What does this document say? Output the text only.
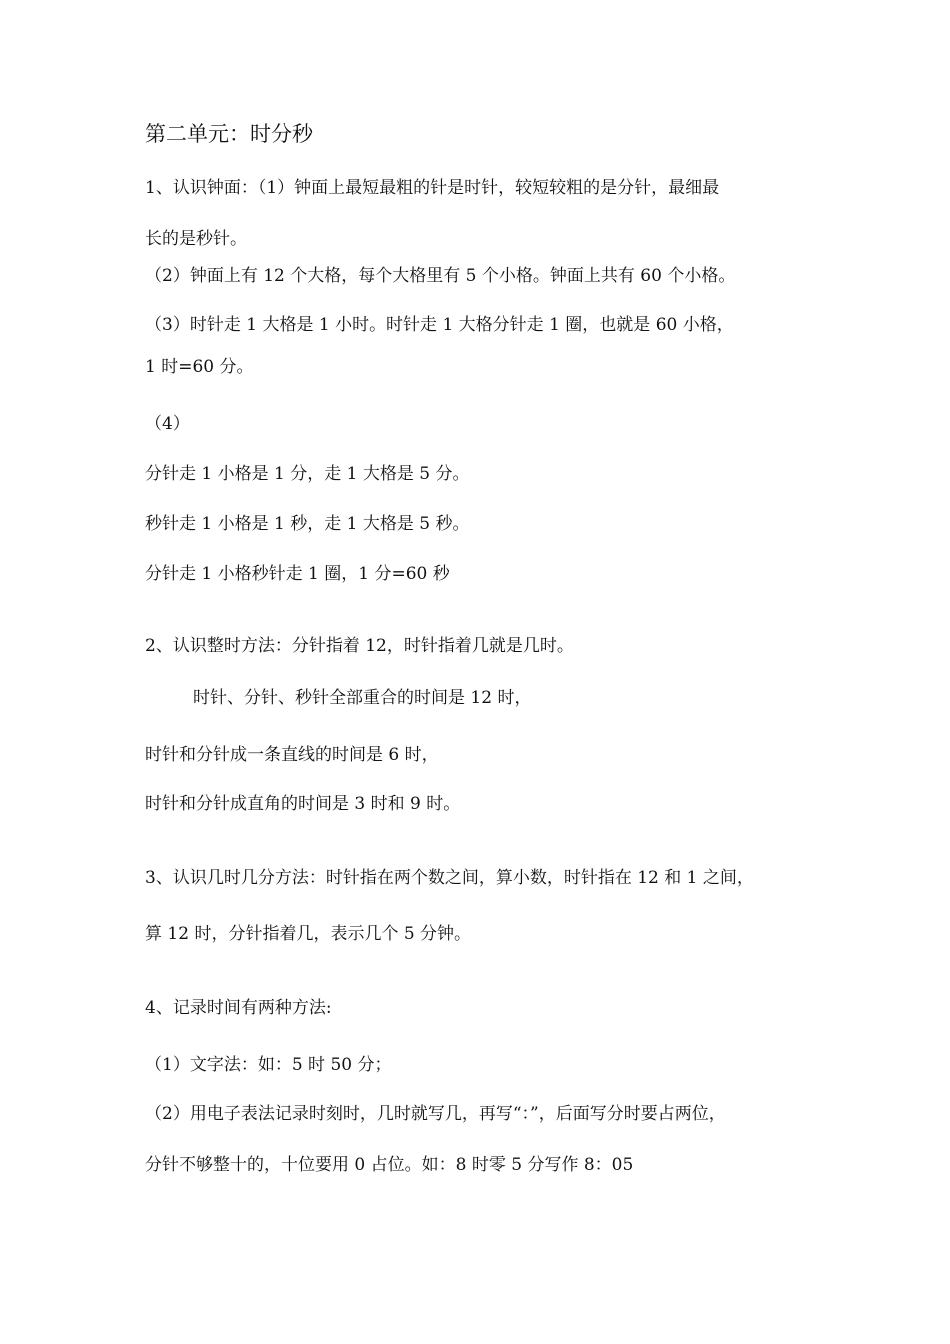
第二单元：时分秒
1、认识钟面：（1）钟面上最短最粗的针是时针，较短较粗的是分针，最细最
长的是秒针。
（2）钟面上有 12 个大格，每个大格里有 5 个小格。钟面上共有 60 个小格。
（3）时针走 1 大格是 1 小时。时针走 1 大格分针走 1 圈，也就是 60 小格，
1 时=60 分。
（4）
分针走 1 小格是 1 分，走 1 大格是 5 分。
秒针走 1 小格是 1 秒，走 1 大格是 5 秒。
分针走 1 小格秒针走 1 圈，1 分=60 秒
2、认识整时方法：分针指着 12，时针指着几就是几时。
时针、分针、秒针全部重合的时间是 12 时，
时针和分针成一条直线的时间是 6 时，
时针和分针成直角的时间是 3 时和 9 时。
3、认识几时几分方法：时针指在两个数之间，算小数，时针指在 12 和 1 之间，
算 12 时，分针指着几，表示几个 5 分钟。
4、记录时间有两种方法:
（1）文字法：如：5 时 50 分；
（2）用电子表法记录时刻时，几时就写几，再写“：”，后面写分时要占两位，
分针不够整十的，十位要用 0 占位。如：8 时零 5 分写作 8：05
